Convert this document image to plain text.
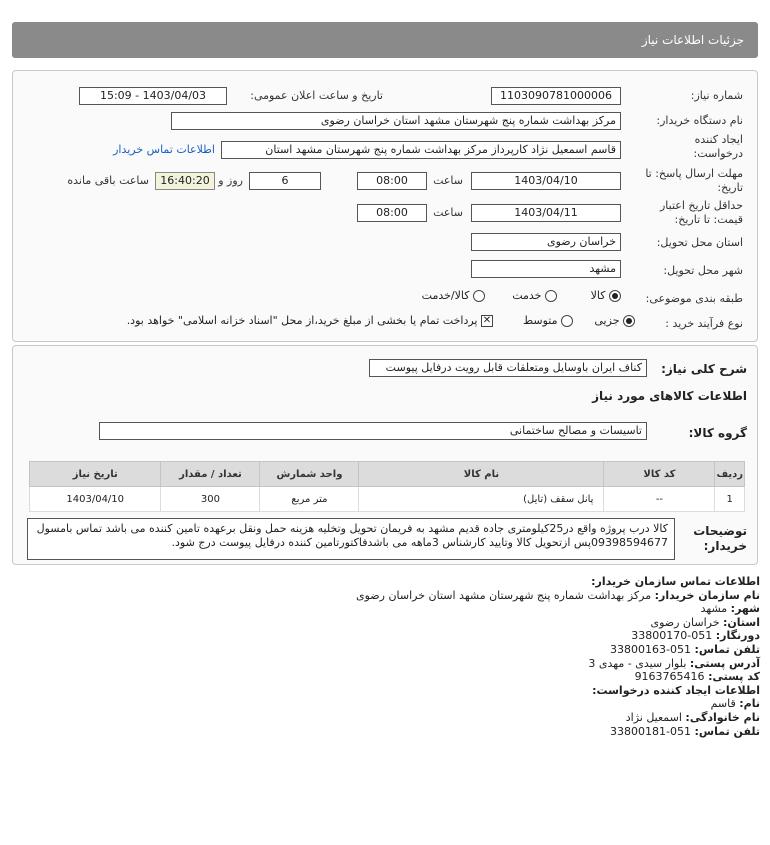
جزئیات اطلاعات نیاز
شماره نیاز:
1103090781000006
تاریخ و ساعت اعلان عمومی:
1403/04/03 - 15:09
نام دستگاه خریدار:
مرکز بهداشت شماره پنج شهرستان مشهد استان خراسان رضوی
ایجاد کننده درخواست:
قاسم اسمعیل نژاد کارپرداز مرکز بهداشت شماره پنج شهرستان مشهد استان
اطلاعات تماس خریدار
مهلت ارسال پاسخ: تا تاریخ:
1403/04/10
ساعت
08:00
6
روز و
16:40:20
ساعت باقی مانده
حداقل تاریخ اعتبار قیمت: تا تاریخ:
1403/04/11
ساعت
08:00
استان محل تحویل:
خراسان رضوی
شهر محل تحویل:
مشهد
طبقه بندی موضوعی:
کالا
خدمت
کالا/خدمت
نوع فرآیند خرید :
جزیی
متوسط
✕ پرداخت تمام یا بخشی از مبلغ خرید،از محل "اسناد خزانه اسلامی" خواهد بود.
شرح کلی نیاز:
کناف ایران باوسایل ومتعلقات قابل رویت درفایل پیوست
اطلاعات کالاهای مورد نیاز
گروه کالا:
تاسیسات و مصالح ساختمانی
ردیف	کد کالا	نام کالا	واحد شمارش	تعداد / مقدار	تاریخ نیاز
1	--	پانل سقف (تایل)	متر مربع	300	1403/04/10
توضیحات خریدار:
کالا درب پروژه واقع در25کیلومتری جاده قدیم مشهد به فریمان تحویل وتخلیه هزینه حمل ونقل برعهده تامین کننده می باشد تماس بامسول 09398594677پس ازتحویل کالا وتایید کارشناس 3ماهه می باشدفاکتورتامین کننده درفایل پیوست درج شود.
اطلاعات تماس سازمان خریدار:
نام سازمان خریدار: مرکز بهداشت شماره پنج شهرستان مشهد استان خراسان رضوی
شهر: مشهد
استان: خراسان رضوی
دورنگار: 051-33800170
تلفن تماس: 051-33800163
آدرس پستی: بلوار سیدی - مهدی 3
کد پستی: 9163765416
اطلاعات ایجاد کننده درخواست:
نام: قاسم
نام خانوادگی: اسمعیل نژاد
تلفن تماس: 051-33800181
